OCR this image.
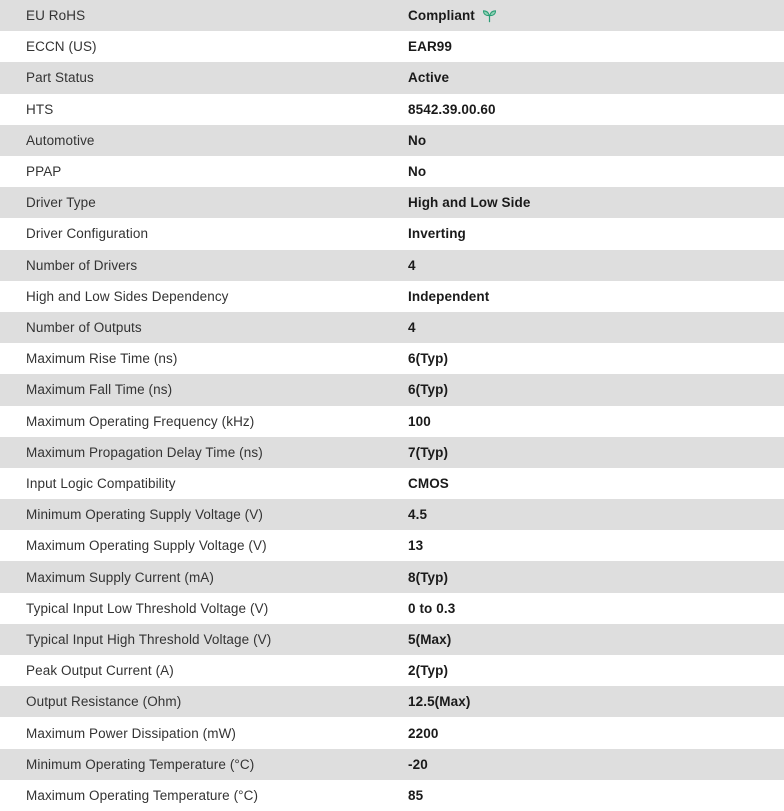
EU RoHS	Compliant
ECCN (US)	EAR99
Part Status	Active
HTS	8542.39.00.60
Automotive	No
PPAP	No
Driver Type	High and Low Side
Driver Configuration	Inverting
Number of Drivers	4
High and Low Sides Dependency	Independent
Number of Outputs	4
Maximum Rise Time (ns)	6(Typ)
Maximum Fall Time (ns)	6(Typ)
Maximum Operating Frequency (kHz)	100
Maximum Propagation Delay Time (ns)	7(Typ)
Input Logic Compatibility	CMOS
Minimum Operating Supply Voltage (V)	4.5
Maximum Operating Supply Voltage (V)	13
Maximum Supply Current (mA)	8(Typ)
Typical Input Low Threshold Voltage (V)	0 to 0.3
Typical Input High Threshold Voltage (V)	5(Max)
Peak Output Current (A)	2(Typ)
Output Resistance (Ohm)	12.5(Max)
Maximum Power Dissipation (mW)	2200
Minimum Operating Temperature (°C)	-20
Maximum Operating Temperature (°C)	85
